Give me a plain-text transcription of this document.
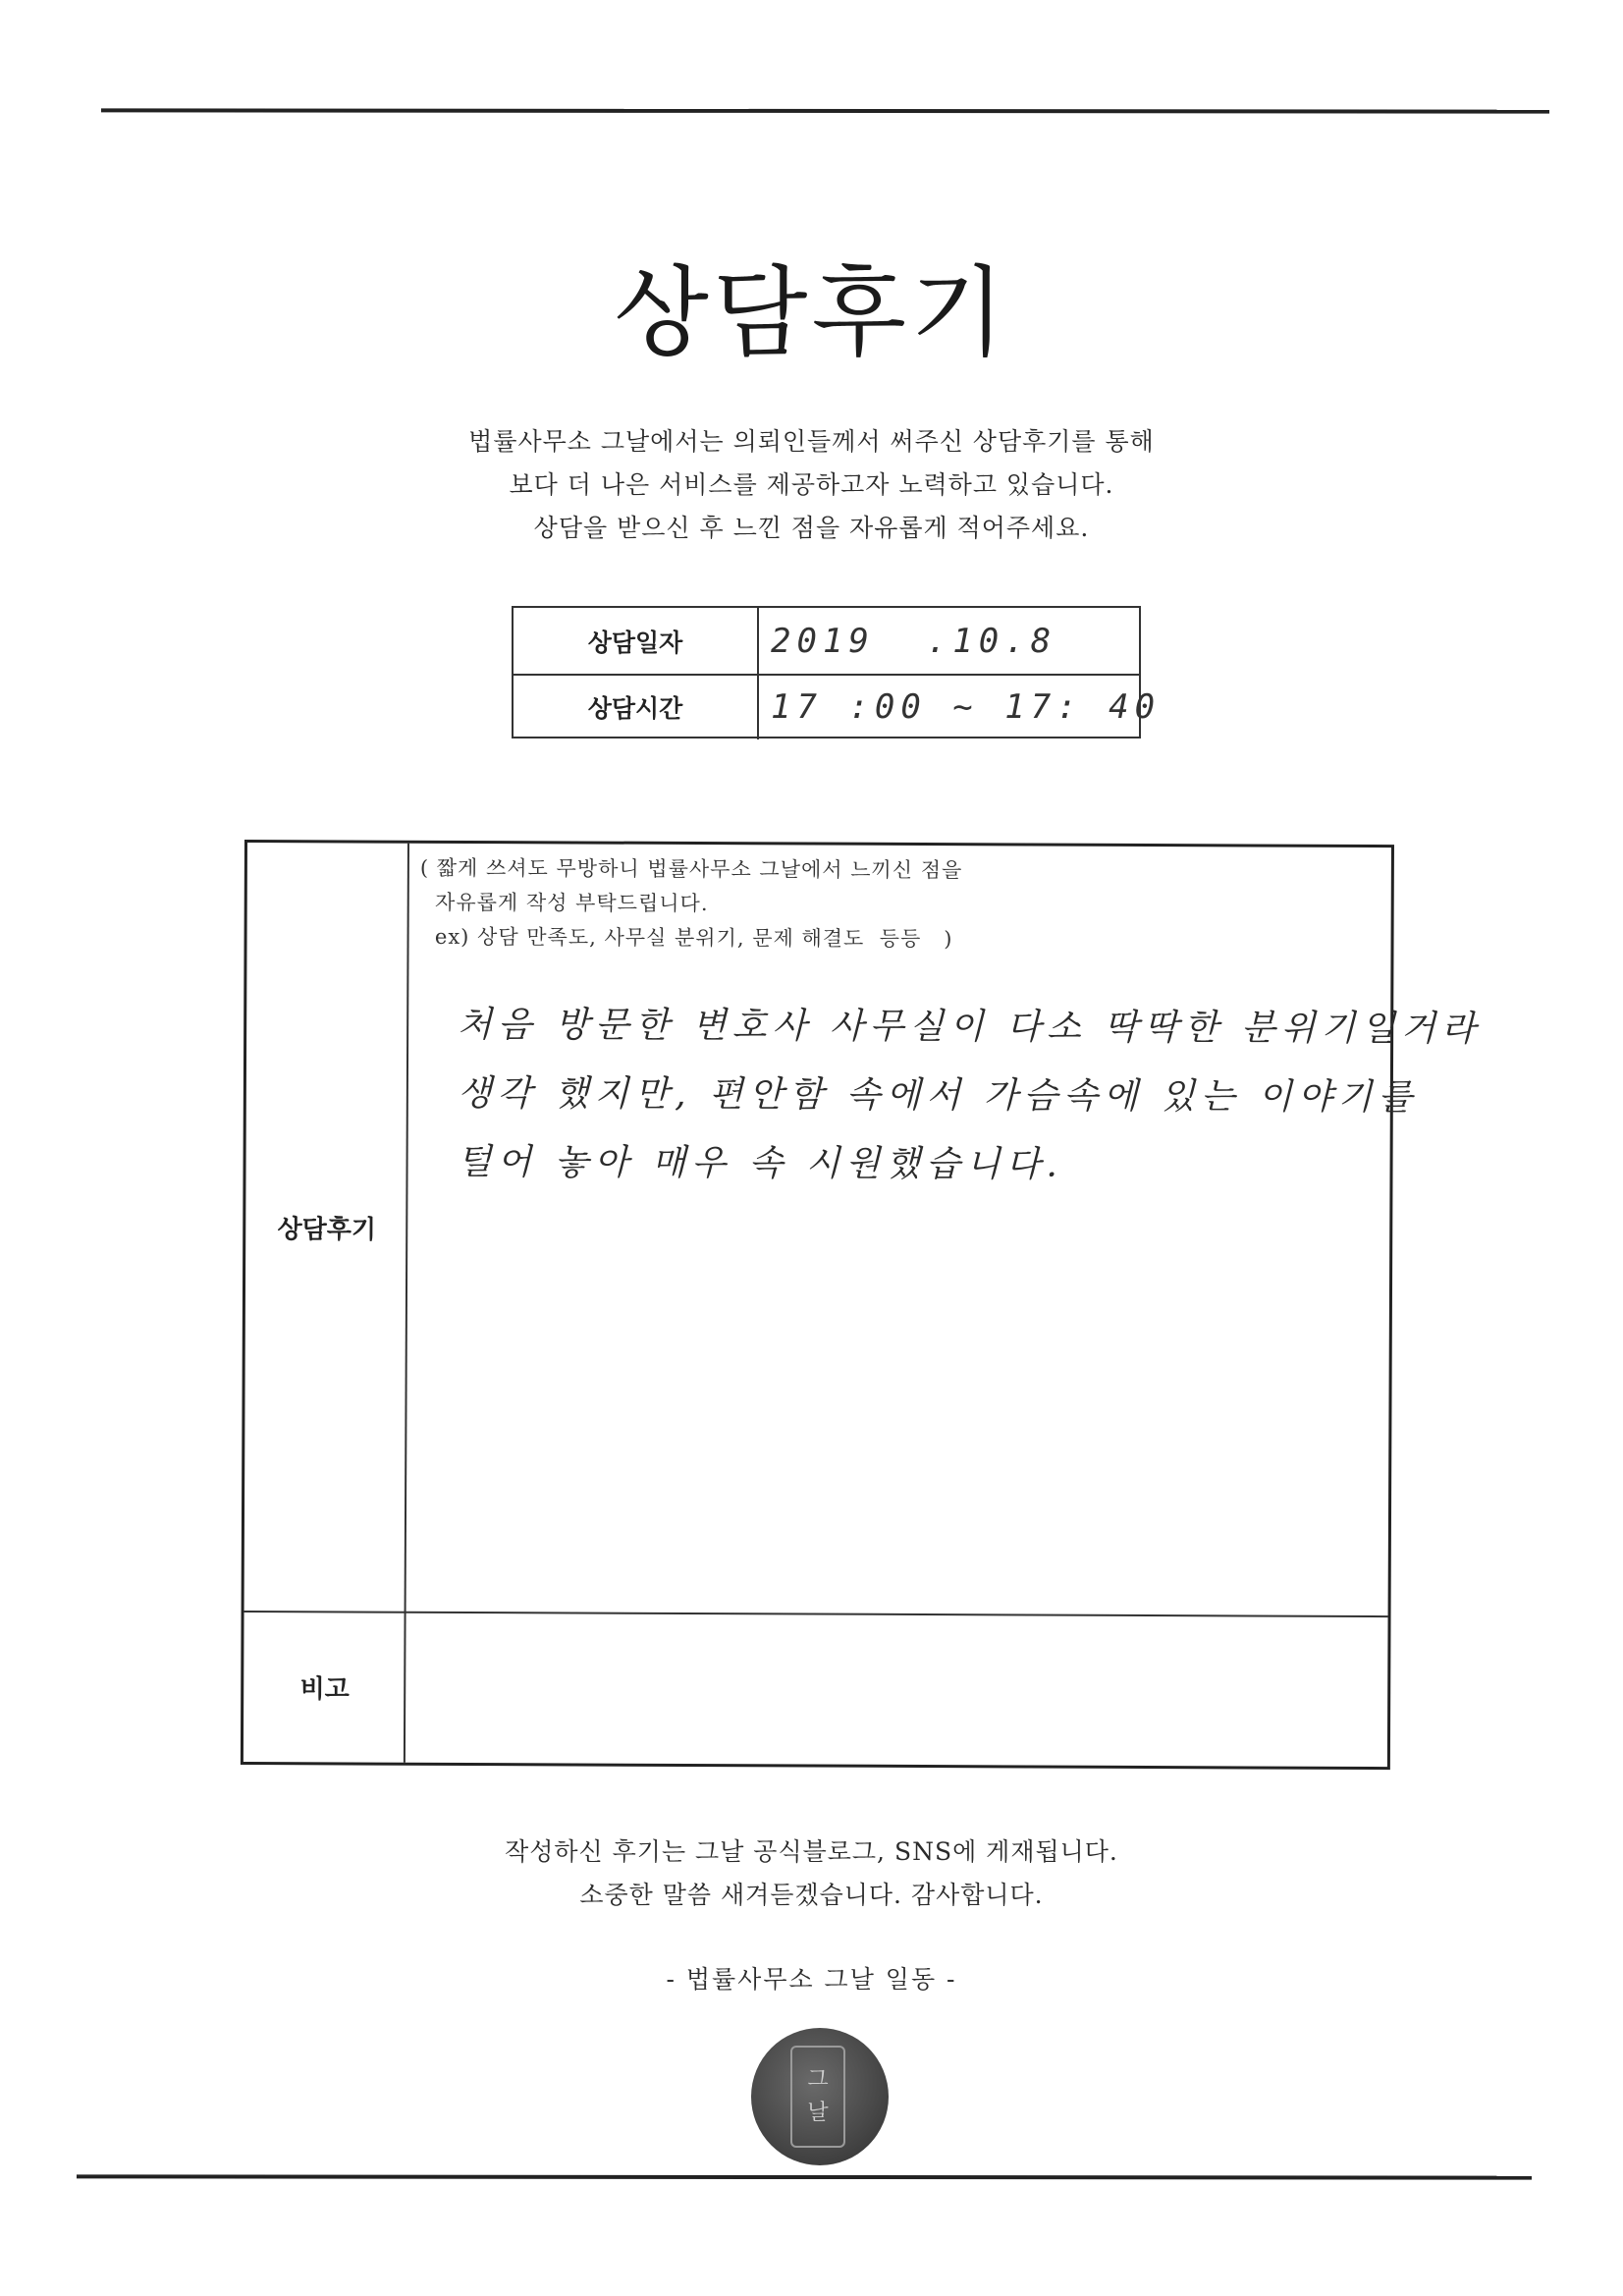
상담후기
법률사무소 그날에서는 의뢰인들께서 써주신 상담후기를 통해
보다 더 나은 서비스를 제공하고자 노력하고 있습니다.
상담을 받으신 후 느낀 점을 자유롭게 적어주세요.
상담일자	2019  .10.8
상담시간	17 :00 ~ 17: 40
상담후기
비고
( 짧게 쓰셔도 무방하니 법률사무소 그날에서 느끼신 점을
자유롭게 작성 부탁드립니다.
ex) 상담 만족도, 사무실 분위기, 문제 해결도  등등   )
처음 방문한 변호사 사무실이 다소 딱딱한 분위기일거라
생각 했지만, 편안함 속에서 가슴속에 있는 이야기를
털어 놓아 매우 속 시원했습니다.
작성하신 후기는 그날 공식블로그, SNS에 게재됩니다.
소중한 말씀 새겨듣겠습니다. 감사합니다.
- 법률사무소 그날 일동 -
그
날
